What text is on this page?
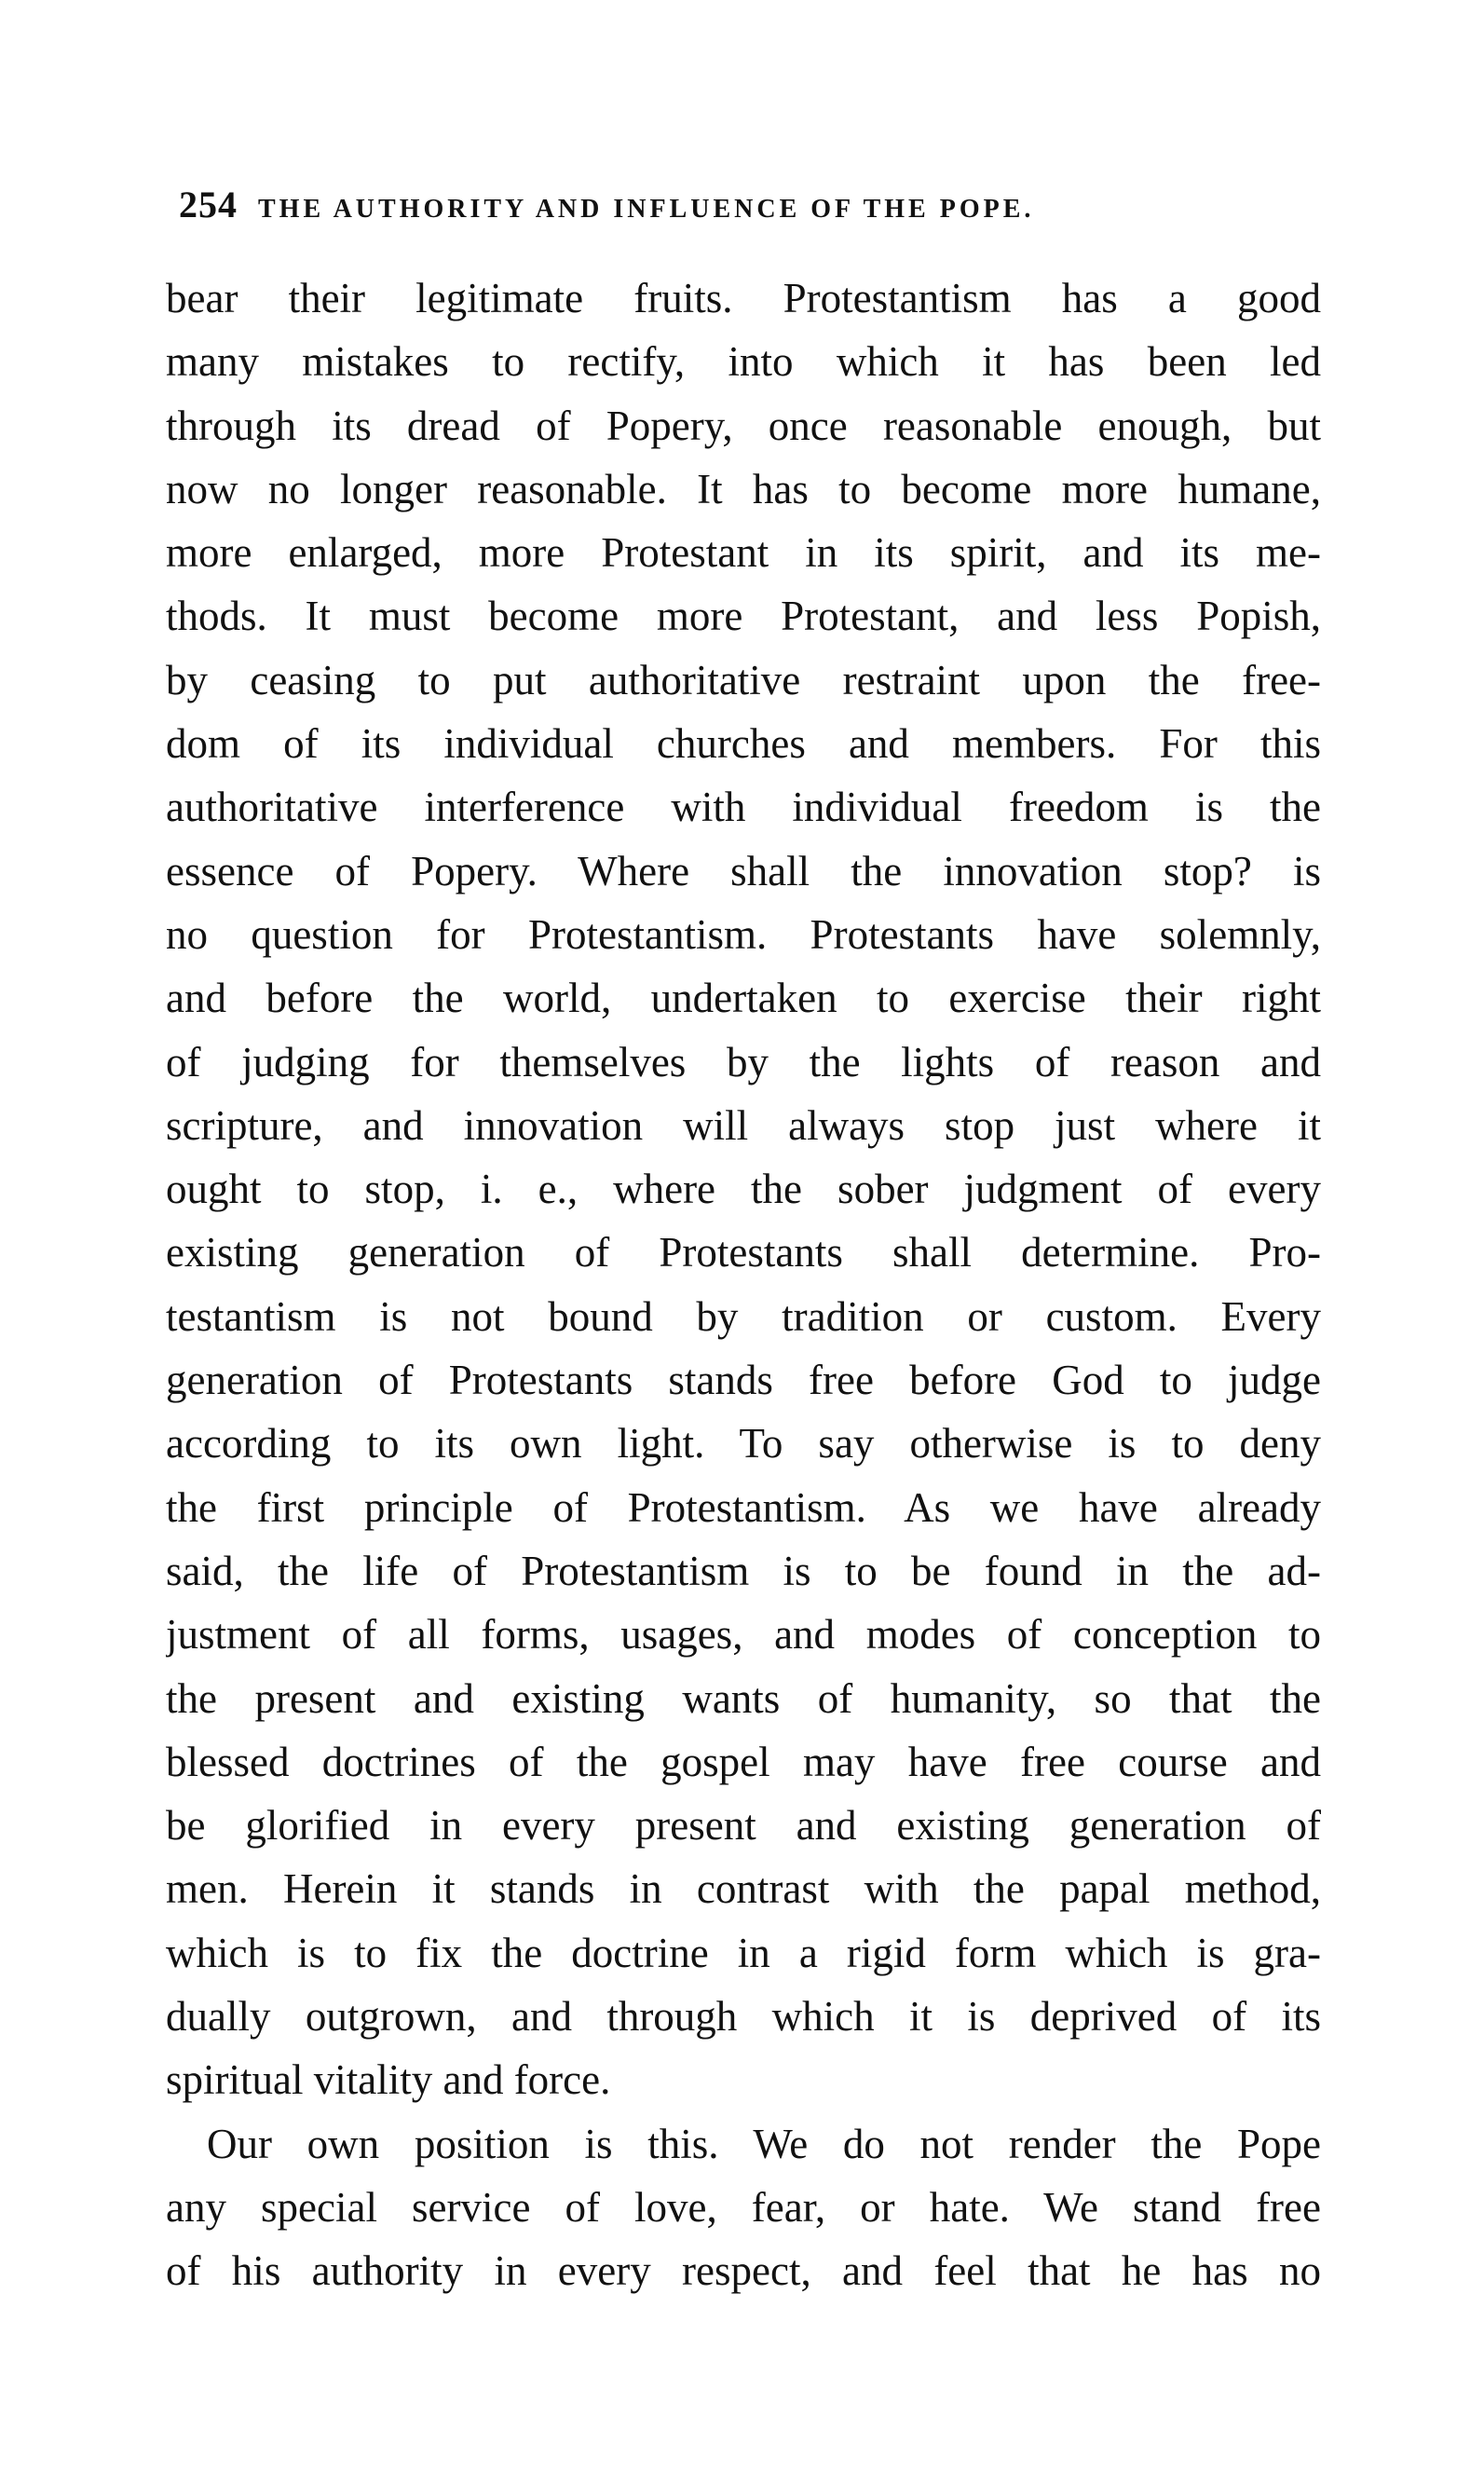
254 THE AUTHORITY AND INFLUENCE OF THE POPE.
bear their legitimate fruits. Protestantism has a good
many mistakes to rectify, into which it has been led
through its dread of Popery, once reasonable enough, but
now no longer reasonable. It has to become more humane,
more enlarged, more Protestant in its spirit, and its me-
thods. It must become more Protestant, and less Popish,
by ceasing to put authoritative restraint upon the free-
dom of its individual churches and members. For this
authoritative interference with individual freedom is the
essence of Popery. Where shall the innovation stop? is
no question for Protestantism. Protestants have solemnly,
and before the world, undertaken to exercise their right
of judging for themselves by the lights of reason and
scripture, and innovation will always stop just where it
ought to stop, i. e., where the sober judgment of every
existing generation of Protestants shall determine. Pro-
testantism is not bound by tradition or custom. Every
generation of Protestants stands free before God to judge
according to its own light. To say otherwise is to deny
the first principle of Protestantism. As we have already
said, the life of Protestantism is to be found in the ad-
justment of all forms, usages, and modes of conception to
the present and existing wants of humanity, so that the
blessed doctrines of the gospel may have free course and
be glorified in every present and existing generation of
men. Herein it stands in contrast with the papal method,
which is to fix the doctrine in a rigid form which is gra-
dually outgrown, and through which it is deprived of its
spiritual vitality and force.
Our own position is this. We do not render the Pope
any special service of love, fear, or hate. We stand free
of his authority in every respect, and feel that he has no
